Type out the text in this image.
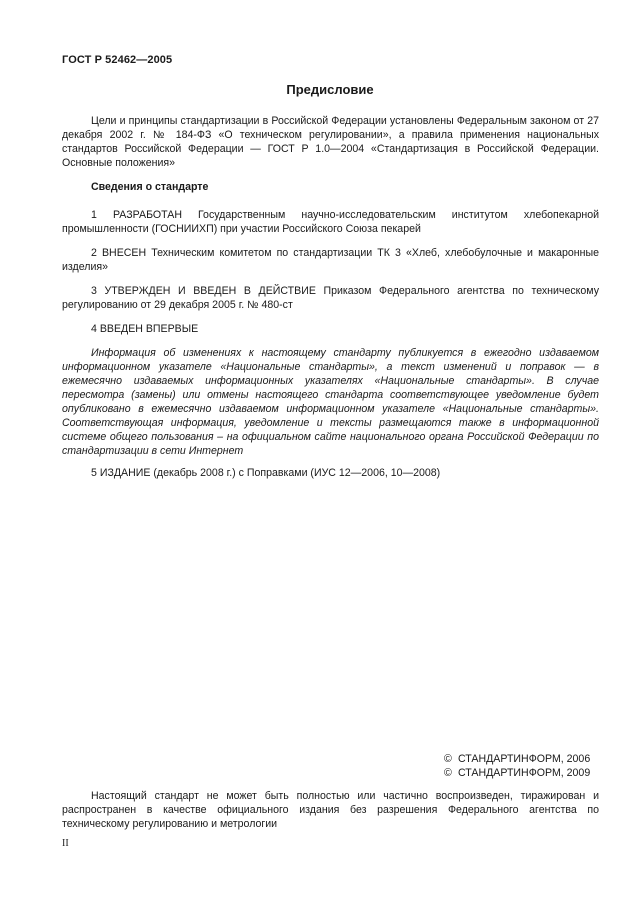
ГОСТ Р 52462—2005
Предисловие
Цели и принципы стандартизации в Российской Федерации установлены Федеральным законом от 27 декабря 2002 г. № 184-ФЗ «О техническом регулировании», а правила применения национальных стандартов Российской Федерации — ГОСТ Р 1.0—2004 «Стандартизация в Российской Федерации. Основные положения»
Сведения о стандарте
1 РАЗРАБОТАН Государственным научно-исследовательским институтом хлебопекарной промышленности (ГОСНИИХП) при участии Российского Союза пекарей
2 ВНЕСЕН Техническим комитетом по стандартизации ТК 3 «Хлеб, хлебобулочные и макаронные изделия»
3 УТВЕРЖДЕН И ВВЕДЕН В ДЕЙСТВИЕ Приказом Федерального агентства по техническому регулированию от 29 декабря 2005 г. № 480-ст
4 ВВЕДЕН ВПЕРВЫЕ
Информация об изменениях к настоящему стандарту публикуется в ежегодно издаваемом информационном указателе «Национальные стандарты», а текст изменений и поправок — в ежемесячно издаваемых информационных указателях «Национальные стандарты». В случае пересмотра (замены) или отмены настоящего стандарта соответствующее уведомление будет опубликовано в ежемесячно издаваемом информационном указателе «Национальные стандарты». Соответствующая информация, уведомление и тексты размещаются также в информационной системе общего пользования – на официальном сайте национального органа Российской Федерации по стандартизации в сети Интернет
5 ИЗДАНИЕ (декабрь 2008 г.) с Поправками (ИУС 12—2006, 10—2008)
© СТАНДАРТИНФОРМ, 2006
© СТАНДАРТИНФОРМ, 2009
Настоящий стандарт не может быть полностью или частично воспроизведен, тиражирован и распространен в качестве официального издания без разрешения Федерального агентства по техническому регулированию и метрологии
II
